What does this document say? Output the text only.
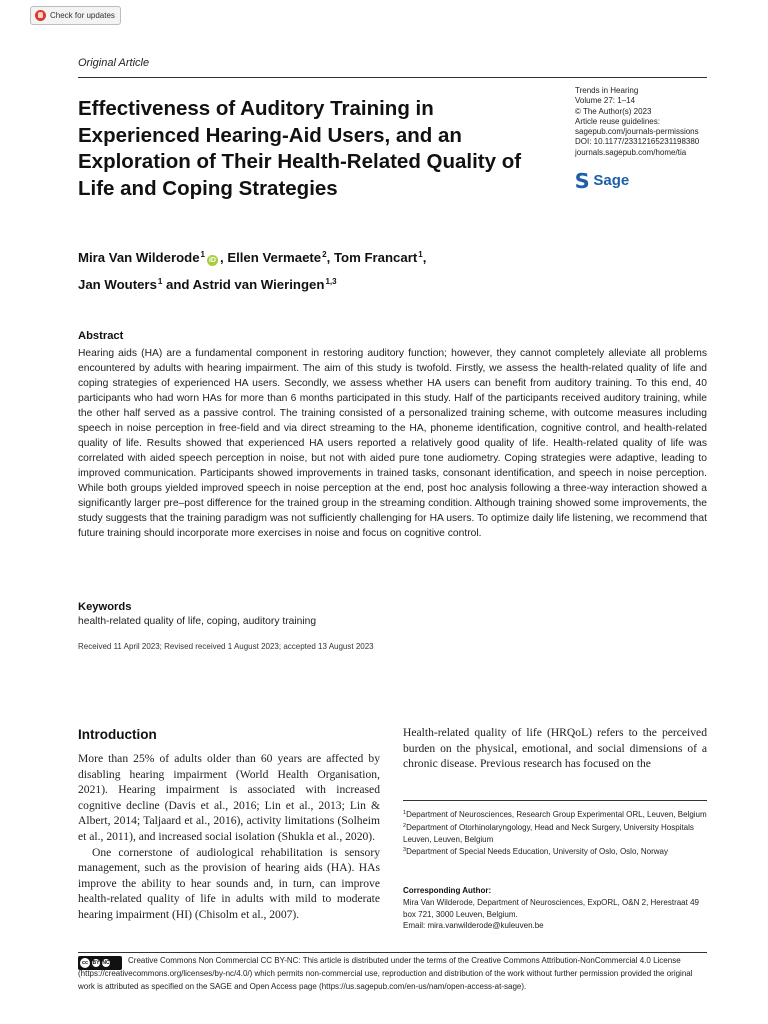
Check for updates
Original Article
Effectiveness of Auditory Training in Experienced Hearing-Aid Users, and an Exploration of Their Health-Related Quality of Life and Coping Strategies
Trends in Hearing
Volume 27: 1–14
© The Author(s) 2023
Article reuse guidelines:
sagepub.com/journals-permissions
DOI: 10.1177/23312165231198380
journals.sagepub.com/home/tia
S Sage
Mira Van Wilderode$^1$iD , Ellen Vermaete$^2$, Tom Francart$^1$,
Jan Wouters$^1$ and Astrid van Wieringen$^{1,3}$
Abstract

Hearing aids (HA) are a fundamental component in restoring auditory function; however, they cannot completely alleviate all problems encountered by adults with hearing impairment. The aim of this study is twofold. Firstly, we assess the health-related quality of life and coping strategies of experienced HA users. Secondly, we assess whether HA users can benefit from auditory training. To this end, 40 participants who had worn HAs for more than 6 months participated in this study. Half of the participants received auditory training, while the other half served as a passive control. The training consisted of a personalized training scheme, with outcome measures including speech in noise perception in free-field and via direct streaming to the HA, phoneme identification, cognitive control, and health-related quality of life. Results showed that experienced HA users reported a relatively good quality of life. Health-related quality of life was correlated with aided speech perception in noise, but not with aided pure tone audiometry. Coping strategies were adaptive, leading to improved communication. Participants showed improvements in trained tasks, consonant identification, and speech in noise perception. While both groups yielded improved speech in noise perception at the end, post hoc analysis following a three-way interaction showed a significantly larger pre–post difference for the trained group in the streaming condition. Although training showed some improvements, the study suggests that the training paradigm was not sufficiently challenging for HA users. To optimize daily life listening, we recommend that future training should incorporate more exercises in noise and focus on cognitive control.

Keywords
health-related quality of life, coping, auditory training
Received 11 April 2023; Revised received 1 August 2023; accepted 13 August 2023
Introduction

More than 25% of adults older than 60 years are affected by disabling hearing impairment (World Health Organisation, 2021). Hearing impairment is associated with increased cognitive decline (Davis et al., 2016; Lin et al., 2013; Lin & Albert, 2014; Taljaard et al., 2016), activity limitations (Solheim et al., 2011), and increased social isolation (Shukla et al., 2020).

One cornerstone of audiological rehabilitation is sensory management, such as the provision of hearing aids (HA). HAs improve the ability to hear sounds and, in turn, can improve health-related quality of life in adults with mild to moderate hearing impairment (HI) (Chisolm et al., 2007).

Health-related quality of life (HRQoL) refers to the perceived burden on the physical, emotional, and social dimensions of a chronic disease. Previous research has focused on the

$^1$Department of Neurosciences, Research Group Experimental ORL, Leuven, Belgium
$^2$Department of Otorhinolaryngology, Head and Neck Surgery, University Hospitals Leuven, Leuven, Belgium
$^3$Department of Special Needs Education, University of Oslo, Oslo, Norway
Corresponding Author:
Mira Van Wilderode, Department of Neurosciences, ExpORL, O&N 2, Herestraat 49 box 721, 3000 Leuven, Belgium.
Email: mira.vanwilderode@kuleuven.be
cc BY NC	Creative Commons Non Commercial CC BY-NC: This article is distributed under the terms of the Creative Commons Attribution-NonCommercial 4.0 License (https://creativecommons.org/licenses/by-nc/4.0/) which permits non-commercial use, reproduction and distribution of the work without further permission provided the original work is attributed as specified on the SAGE and Open Access page (https://us.sagepub.com/en-us/nam/open-access-at-sage).
